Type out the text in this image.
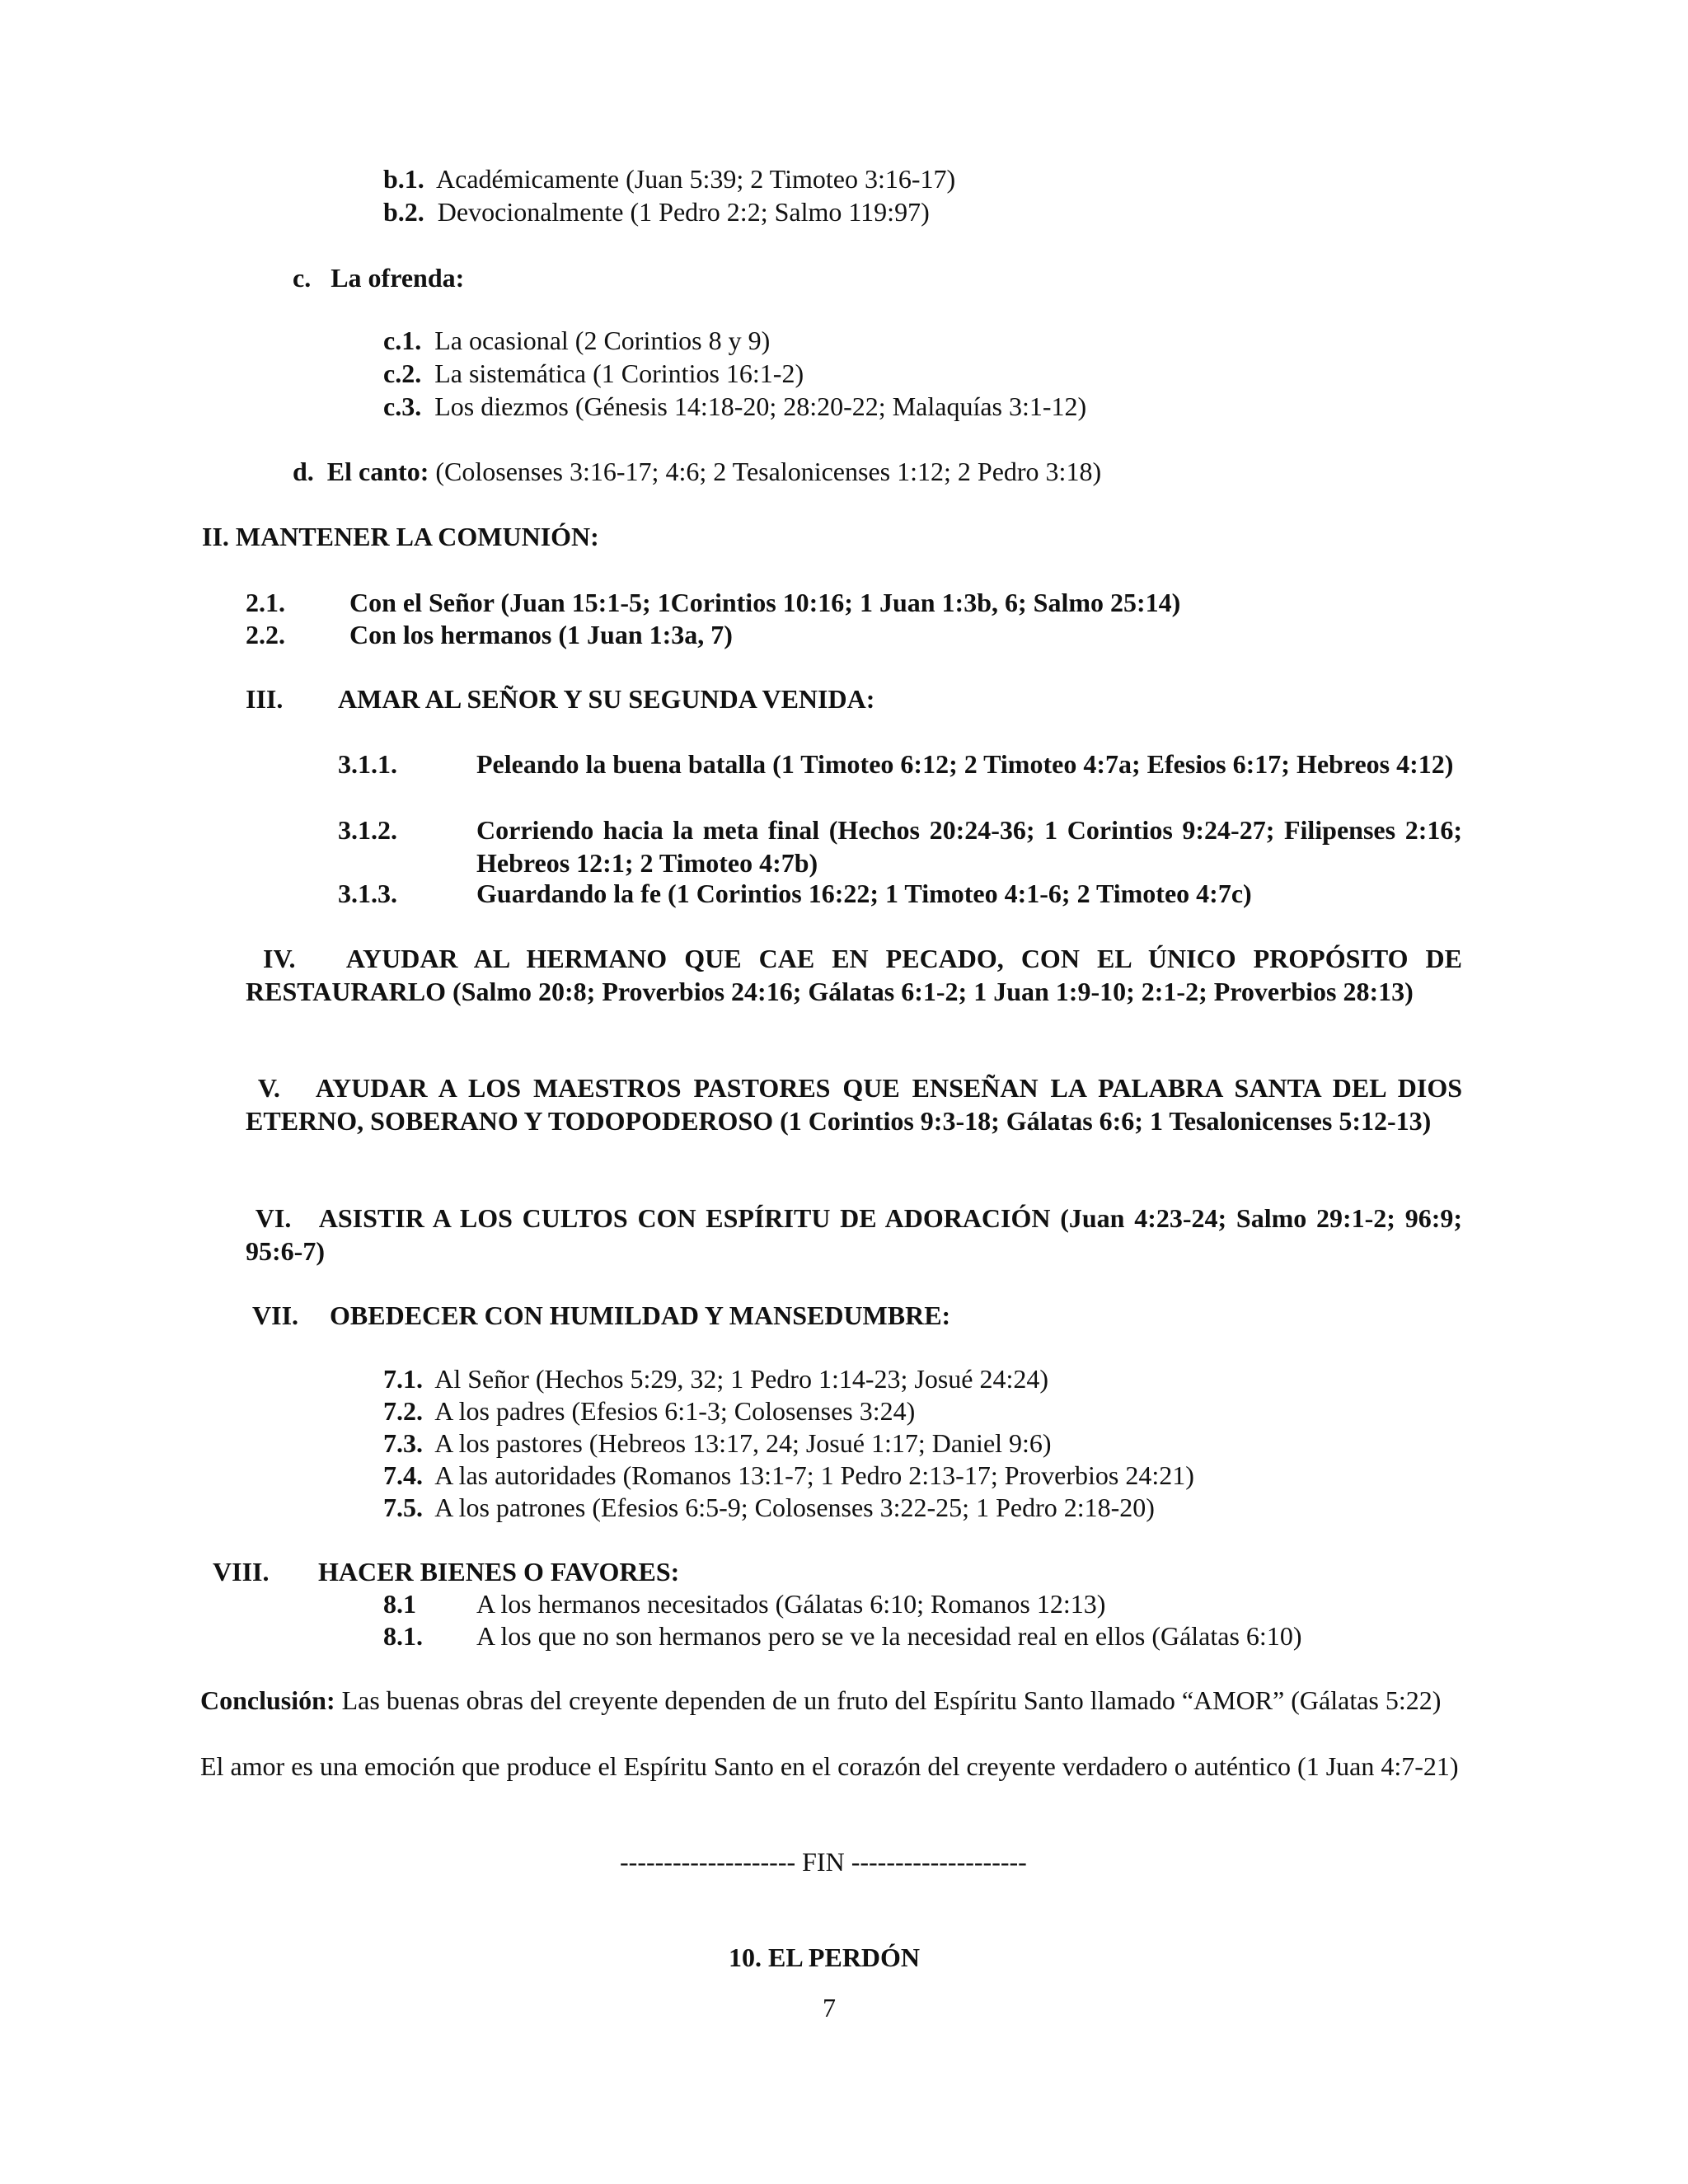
b.1. Académicamente (Juan 5:39; 2 Timoteo 3:16-17)
b.2. Devocionalmente (1 Pedro 2:2; Salmo 119:97)
c. La ofrenda:
c.1. La ocasional (2 Corintios 8 y 9)
c.2. La sistemática (1 Corintios 16:1-2)
c.3. Los diezmos (Génesis 14:18-20; 28:20-22; Malaquías 3:1-12)
d. El canto: (Colosenses 3:16-17; 4:6; 2 Tesalonicenses 1:12; 2 Pedro 3:18)
II. MANTENER LA COMUNIÓN:
2.1. Con el Señor (Juan 15:1-5; 1Corintios 10:16; 1 Juan 1:3b, 6; Salmo 25:14)
2.2. Con los hermanos (1 Juan 1:3a, 7)
III. AMAR AL SEÑOR Y SU SEGUNDA VENIDA:
3.1.1.	Peleando la buena batalla (1 Timoteo 6:12; 2 Timoteo 4:7a; Efesios 6:17; Hebreos 4:12)
3.1.2.	Corriendo hacia la meta final (Hechos 20:24-36; 1 Corintios 9:24-27; Filipenses 2:16; Hebreos 12:1; 2 Timoteo 4:7b)
3.1.3.	Guardando la fe (1 Corintios 16:22; 1 Timoteo 4:1-6; 2 Timoteo 4:7c)
IV.   AYUDAR AL HERMANO QUE CAE EN PECADO, CON EL ÚNICO PROPÓSITO DE RESTAURARLO (Salmo 20:8; Proverbios 24:16; Gálatas 6:1-2; 1 Juan 1:9-10; 2:1-2; Proverbios 28:13)
V.   AYUDAR A LOS MAESTROS PASTORES QUE ENSEÑAN LA PALABRA SANTA DEL DIOS ETERNO, SOBERANO Y TODOPODEROSO (1 Corintios 9:3-18; Gálatas 6:6; 1 Tesalonicenses 5:12-13)
VI.   ASISTIR A LOS CULTOS CON ESPÍRITU DE ADORACIÓN (Juan 4:23-24; Salmo 29:1-2; 96:9; 95:6-7)
VII. OBEDECER CON HUMILDAD Y MANSEDUMBRE:
7.1. Al Señor (Hechos 5:29, 32; 1 Pedro 1:14-23; Josué 24:24)
7.2. A los padres (Efesios 6:1-3; Colosenses 3:24)
7.3. A los pastores (Hebreos 13:17, 24; Josué 1:17; Daniel 9:6)
7.4. A las autoridades (Romanos 13:1-7; 1 Pedro 2:13-17; Proverbios 24:21)
7.5. A los patrones (Efesios 6:5-9; Colosenses 3:22-25; 1 Pedro 2:18-20)
VIII. HACER BIENES O FAVORES:
8.1 A los hermanos necesitados (Gálatas 6:10; Romanos 12:13)
8.1. A los que no son hermanos pero se ve la necesidad real en ellos (Gálatas 6:10)
Conclusión: Las buenas obras del creyente dependen de un fruto del Espíritu Santo llamado “AMOR” (Gálatas 5:22)
El amor es una emoción que produce el Espíritu Santo en el corazón del creyente verdadero o auténtico (1 Juan 4:7-21)
-------------------- FIN --------------------
10. EL PERDÓN
7
